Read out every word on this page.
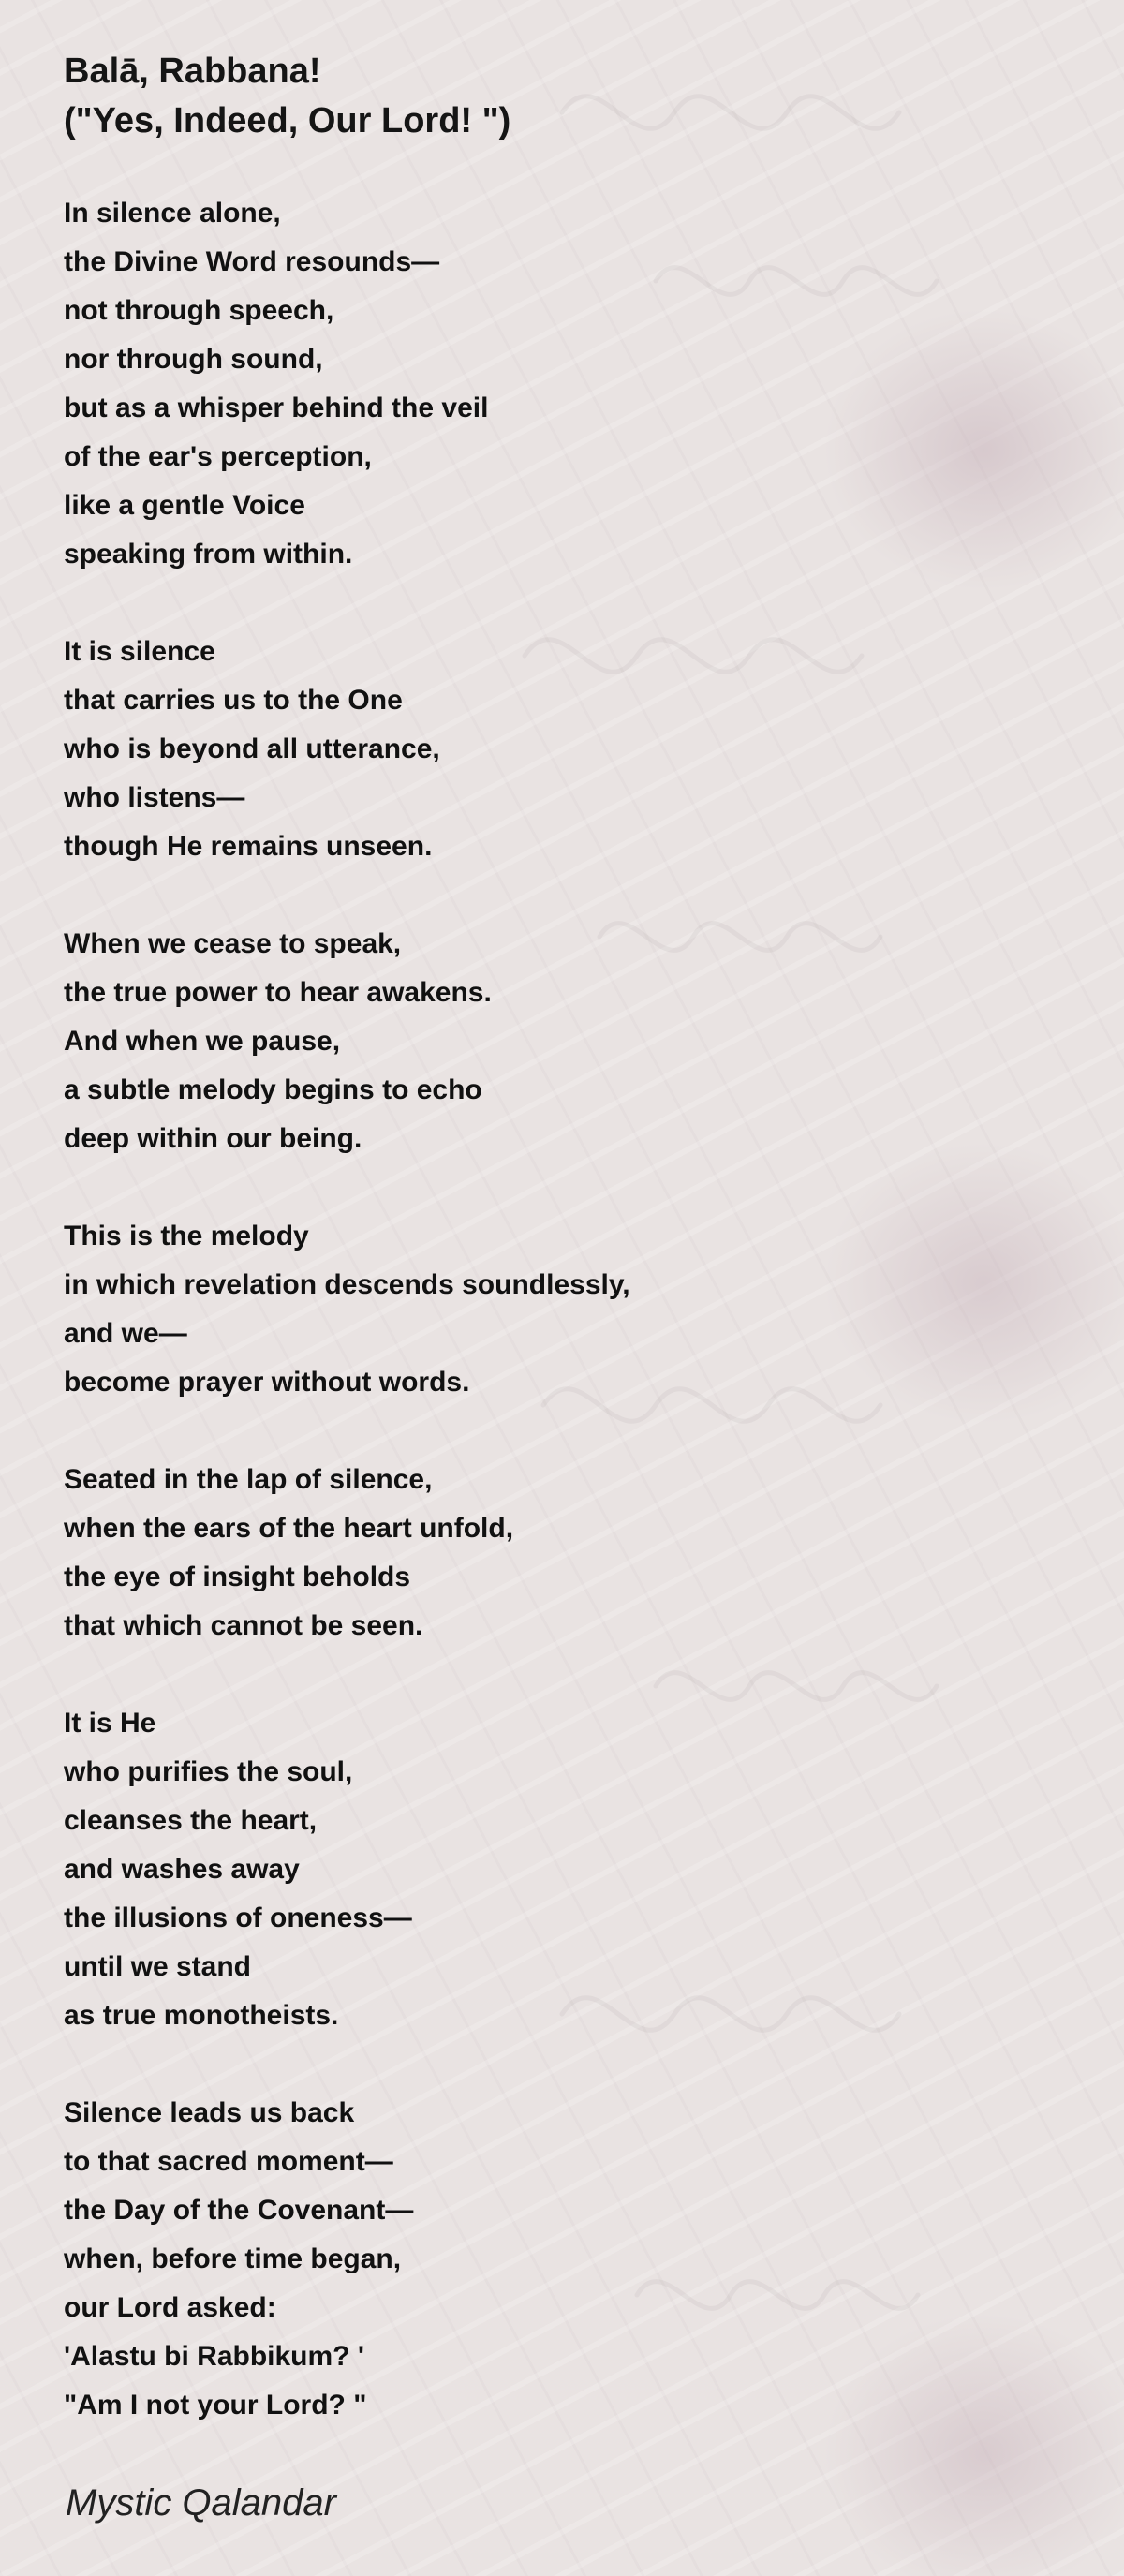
Balā, Rabbana!
("Yes, Indeed, Our Lord! ")
In silence alone,
the Divine Word resounds—
not through speech,
nor through sound,
but as a whisper behind the veil
of the ear's perception,
like a gentle Voice
speaking from within.
It is silence
that carries us to the One
who is beyond all utterance,
who listens—
though He remains unseen.
When we cease to speak,
the true power to hear awakens.
And when we pause,
a subtle melody begins to echo
deep within our being.
This is the melody
in which revelation descends soundlessly,
and we—
become prayer without words.
Seated in the lap of silence,
when the ears of the heart unfold,
the eye of insight beholds
that which cannot be seen.
It is He
who purifies the soul,
cleanses the heart,
and washes away
the illusions of oneness—
until we stand
as true monotheists.
Silence leads us back
to that sacred moment—
the Day of the Covenant—
when, before time began,
our Lord asked:
'Alastu bi Rabbikum? '
"Am I not your Lord? "
Mystic Qalandar
